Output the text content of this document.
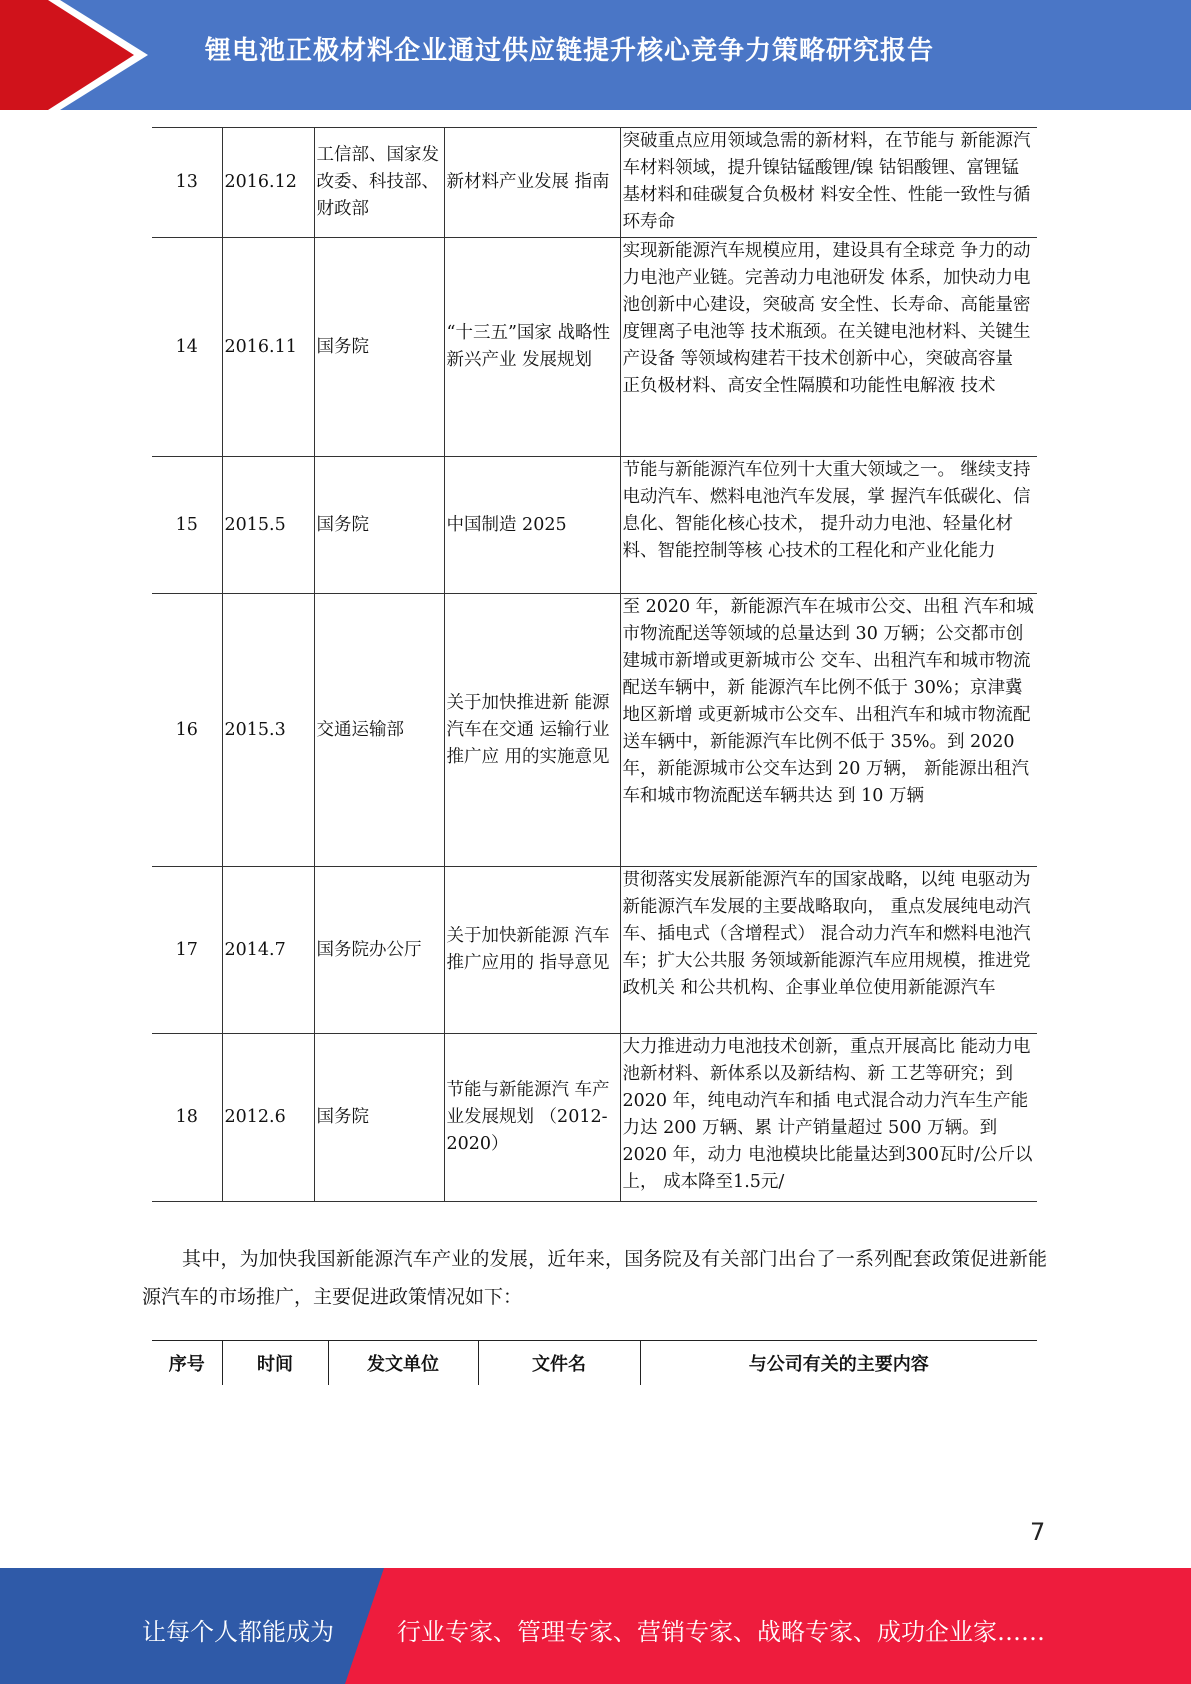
锂电池正极材料企业通过供应链提升核心竞争力策略研究报告
13	2016.12	工信部、国家发改委、科技部、财政部	新材料产业发展 指南	突破重点应用领域急需的新材料，在节能与 新能源汽车材料领域，提升镍钴锰酸锂/镍 钴铝酸锂、富锂锰基材料和硅碳复合负极材 料安全性、性能一致性与循环寿命
14	2016.11	国务院	“十三五”国家 战略性新兴产业 发展规划	实现新能源汽车规模应用，建设具有全球竞 争力的动力电池产业链。完善动力电池研发 体系，加快动力电池创新中心建设，突破高 安全性、长寿命、高能量密度锂离子电池等 技术瓶颈。在关键电池材料、关键生产设备 等领域构建若干技术创新中心，突破高容量 正负极材料、高安全性隔膜和功能性电解液 技术
15	2015.5	国务院	中国制造 2025	节能与新能源汽车位列十大重大领域之一。 继续支持电动汽车、燃料电池汽车发展，掌 握汽车低碳化、信息化、智能化核心技术， 提升动力电池、轻量化材料、智能控制等核 心技术的工程化和产业化能力
16	2015.3	交通运输部	关于加快推进新 能源汽车在交通 运输行业推广应 用的实施意见	至 2020 年，新能源汽车在城市公交、出租 汽车和城市物流配送等领域的总量达到 30 万辆；公交都市创建城市新增或更新城市公 交车、出租汽车和城市物流配送车辆中，新 能源汽车比例不低于 30%；京津冀地区新增 或更新城市公交车、出租汽车和城市物流配 送车辆中，新能源汽车比例不低于 35%。到 2020 年，新能源城市公交车达到 20 万辆， 新能源出租汽车和城市物流配送车辆共达 到 10 万辆
17	2014.7	国务院办公厅	关于加快新能源 汽车推广应用的 指导意见	贯彻落实发展新能源汽车的国家战略，以纯 电驱动为新能源汽车发展的主要战略取向， 重点发展纯电动汽车、插电式（含增程式） 混合动力汽车和燃料电池汽车；扩大公共服 务领域新能源汽车应用规模，推进党政机关 和公共机构、企事业单位使用新能源汽车
18	2012.6	国务院	节能与新能源汽 车产业发展规划 （2012-2020）	大力推进动力电池技术创新，重点开展高比 能动力电池新材料、新体系以及新结构、新 工艺等研究；到 2020 年，纯电动汽车和插 电式混合动力汽车生产能力达 200 万辆、累 计产销量超过 500 万辆。到 2020 年，动力 电池模块比能量达到300瓦时/公斤以上， 成本降至1.5元/
其中，为加快我国新能源汽车产业的发展，近年来，国务院及有关部门出台了一系列配套政策促进新能源汽车的市场推广，主要促进政策情况如下：
序号	时间	发文单位	文件名	与公司有关的主要内容
7
让每个人都能成为	行业专家、管理专家、营销专家、战略专家、成功企业家……
